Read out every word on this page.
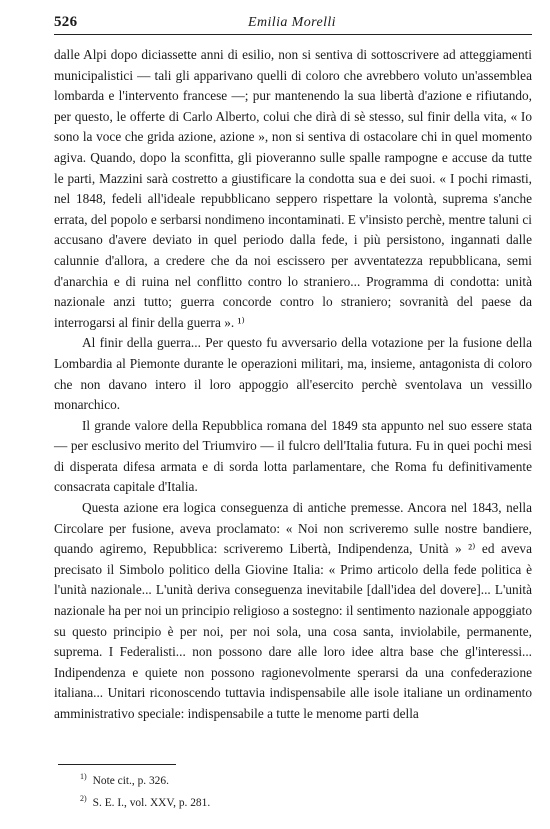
526	Emilia Morelli

dalle Alpi dopo diciassette anni di esilio, non si sentiva di sottoscrivere ad atteggiamenti municipalistici — tali gli apparivano quelli di coloro che avrebbero voluto un'assemblea lombarda e l'intervento francese —; pur mantenendo la sua libertà d'azione e rifiutando, per questo, le offerte di Carlo Alberto, colui che dirà di sè stesso, sul finir della vita, « Io sono la voce che grida azione, azione », non si sentiva di ostacolare chi in quel momento agiva. Quando, dopo la sconfitta, gli pioveranno sulle spalle rampogne e accuse da tutte le parti, Mazzini sarà costretto a giustificare la condotta sua e dei suoi. « I pochi rimasti, nel 1848, fedeli all'ideale repubblicano seppero rispettare la volontà, suprema s'anche errata, del popolo e serbarsi nondimeno incontaminati. E v'insisto perchè, mentre taluni ci accusano d'avere deviato in quel periodo dalla fede, i più persistono, ingannati dalle calunnie d'allora, a credere che da noi escissero per avventatezza repubblicana, semi d'anarchia e di ruina nel conflitto contro lo straniero... Programma di condotta: unità nazionale anzi tutto; guerra concorde contro lo straniero; sovranità del paese da interrogarsi al finir della guerra ». ¹⁾

Al finir della guerra... Per questo fu avversario della votazione per la fusione della Lombardia al Piemonte durante le operazioni militari, ma, insieme, antagonista di coloro che non davano intero il loro appoggio all'esercito perchè sventolava un vessillo monarchico.

Il grande valore della Repubblica romana del 1849 sta appunto nel suo essere stata — per esclusivo merito del Triumviro — il fulcro dell'Italia futura. Fu in quei pochi mesi di disperata difesa armata e di sorda lotta parlamentare, che Roma fu definitivamente consacrata capitale d'Italia.

Questa azione era logica conseguenza di antiche premesse. Ancora nel 1843, nella Circolare per fusione, aveva proclamato: « Noi non scriveremo sulle nostre bandiere, quando agiremo, Repubblica: scriveremo Libertà, Indipendenza, Unità » ²⁾ ed aveva precisato il Simbolo politico della Giovine Italia: « Primo articolo della fede politica è l'unità nazionale... L'unità deriva conseguenza inevitabile [dall'idea del dovere]... L'unità nazionale ha per noi un principio religioso a sostegno: il sentimento nazionale appoggiato su questo principio è per noi, per noi sola, una cosa santa, inviolabile, permanente, suprema. I Federalisti... non possono dare alle loro idee altra base che gl'interessi... Indipendenza e quiete non possono ragionevolmente sperarsi da una confederazione italiana... Unitari riconoscendo tuttavia indispensabile alle isole italiane un ordinamento amministrativo speciale: indispensabile a tutte le menome parti della

$^{1)}$ Note cit., p. 326.

$^{2)}$ S. E. I., vol. XXV, p. 281.
